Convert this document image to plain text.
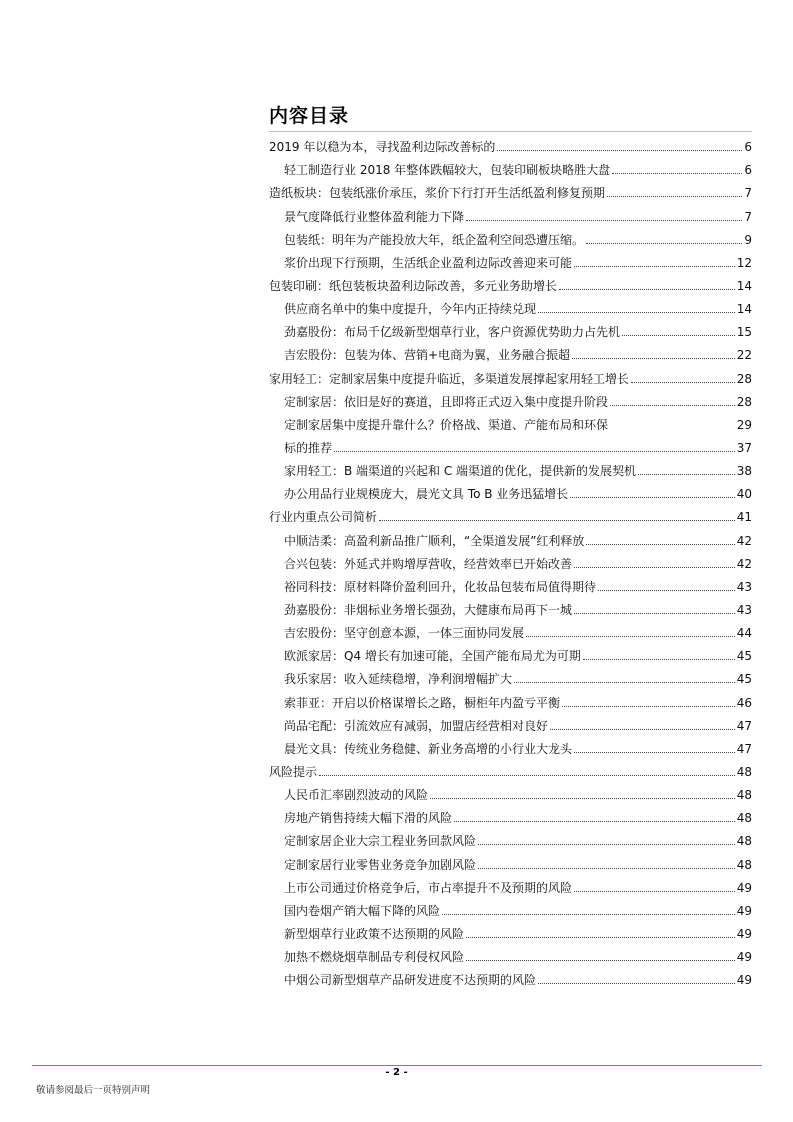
内容目录
2019 年以稳为本，寻找盈利边际改善标的	6
轻工制造行业 2018 年整体跌幅较大，包装印刷板块略胜大盘	6
造纸板块：包装纸涨价承压，浆价下行打开生活纸盈利修复预期	7
景气度降低行业整体盈利能力下降	7
包装纸：明年为产能投放大年，纸企盈利空间恐遭压缩。	9
浆价出现下行预期，生活纸企业盈利边际改善迎来可能	12
包装印刷：纸包装板块盈利边际改善，多元业务助增长	14
供应商名单中的集中度提升，今年内正持续兑现	14
劲嘉股份：布局千亿级新型烟草行业，客户资源优势助力占先机	15
吉宏股份：包装为体、营销+电商为翼，业务融合振超	22
家用轻工：定制家居集中度提升临近，多渠道发展撑起家用轻工增长	28
定制家居：依旧是好的赛道，且即将正式迈入集中度提升阶段	28
定制家居集中度提升靠什么？价格战、渠道、产能布局和环保	29
标的推荐	37
家用轻工：B 端渠道的兴起和 C 端渠道的优化，提供新的发展契机	38
办公用品行业规模庞大，晨光文具 To B 业务迅猛增长	40
行业内重点公司简析	41
中顺洁柔：高盈利新品推广顺利，“全渠道发展”红利释放	42
合兴包装：外延式并购增厚营收，经营效率已开始改善	42
裕同科技：原材料降价盈利回升，化妆品包装布局值得期待	43
劲嘉股份：非烟标业务增长强劲，大健康布局再下一城	43
吉宏股份：坚守创意本源，一体三面协同发展	44
欧派家居：Q4 增长有加速可能，全国产能布局尤为可期	45
我乐家居：收入延续稳增，净利润增幅扩大	45
索菲亚：开启以价格谋增长之路，橱柜年内盈亏平衡	46
尚品宅配：引流效应有减弱，加盟店经营相对良好	47
晨光文具：传统业务稳健、新业务高增的小行业大龙头	47
风险提示	48
人民币汇率剧烈波动的风险	48
房地产销售持续大幅下滑的风险	48
定制家居企业大宗工程业务回款风险	48
定制家居行业零售业务竞争加剧风险	48
上市公司通过价格竞争后，市占率提升不及预期的风险	49
国内卷烟产销大幅下降的风险	49
新型烟草行业政策不达预期的风险	49
加热不燃烧烟草制品专利侵权风险	49
中烟公司新型烟草产品研发进度不达预期的风险	49
- 2 -
敬请参阅最后一页特别声明
